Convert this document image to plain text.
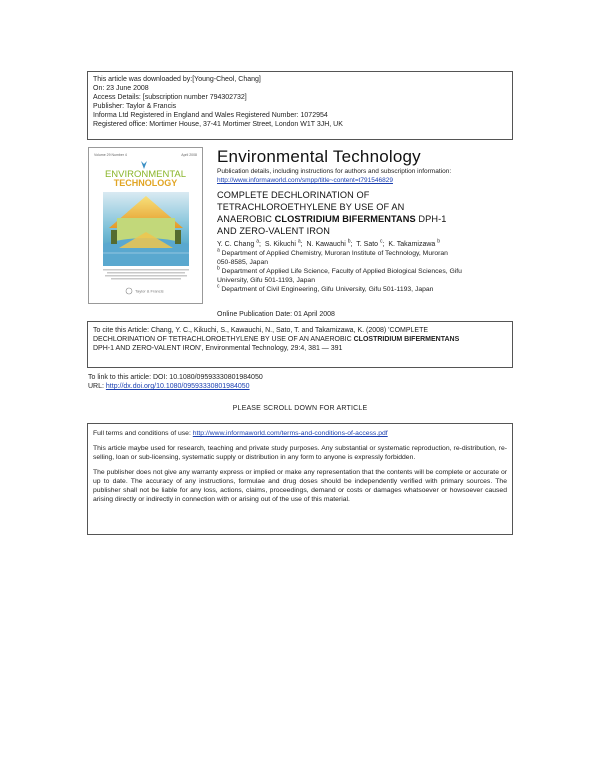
This article was downloaded by:[Young-Cheol, Chang]
On: 23 June 2008
Access Details: [subscription number 794302732]
Publisher: Taylor & Francis
Informa Ltd Registered in England and Wales Registered Number: 1072954
Registered office: Mortimer House, 37-41 Mortimer Street, London W1T 3JH, UK
Volume 29 Number 4	April 2008
ENVIRONMENTAL
TECHNOLOGY
Taylor & Francis
Environmental Technology
Publication details, including instructions for authors and subscription information:
http://www.informaworld.com/smpp/title~content=t791546829
COMPLETE DECHLORINATION OF
TETRACHLOROETHYLENE BY USE OF AN
ANAEROBIC CLOSTRIDIUM BIFERMENTANS DPH-1
AND ZERO-VALENT IRON
Y. C. Chang $^a$;  S. Kikuchi $^a$;  N. Kawauchi $^b$;  T. Sato $^c$;  K. Takamizawa $^b$
$^a$ Department of Applied Chemistry, Muroran Institute of Technology, Muroran
050-8585, Japan
$^b$ Department of Applied Life Science, Faculty of Applied Biological Sciences, Gifu
University, Gifu 501-1193, Japan
$^c$ Department of Civil Engineering, Gifu University, Gifu 501-1193, Japan
Online Publication Date: 01 April 2008
To cite this Article: Chang, Y. C., Kikuchi, S., Kawauchi, N., Sato, T. and Takamizawa, K. (2008) 'COMPLETE
DECHLORINATION OF TETRACHLOROETHYLENE BY USE OF AN ANAEROBIC CLOSTRIDIUM BIFERMENTANS
DPH-1 AND ZERO-VALENT IRON', Environmental Technology, 29:4, 381 — 391
To link to this article: DOI: 10.1080/09593330801984050
URL: http://dx.doi.org/10.1080/09593330801984050
PLEASE SCROLL DOWN FOR ARTICLE

Full terms and conditions of use: http://www.informaworld.com/terms-and-conditions-of-access.pdf

This article maybe used for research, teaching and private study purposes. Any substantial or systematic reproduction, re-distribution, re-selling, loan or sub-licensing, systematic supply or distribution in any form to anyone is expressly forbidden.

The publisher does not give any warranty express or implied or make any representation that the contents will be complete or accurate or up to date. The accuracy of any instructions, formulae and drug doses should be independently verified with primary sources. The publisher shall not be liable for any loss, actions, claims, proceedings, demand or costs or damages whatsoever or howsoever caused arising directly or indirectly in connection with or arising out of the use of this material.
